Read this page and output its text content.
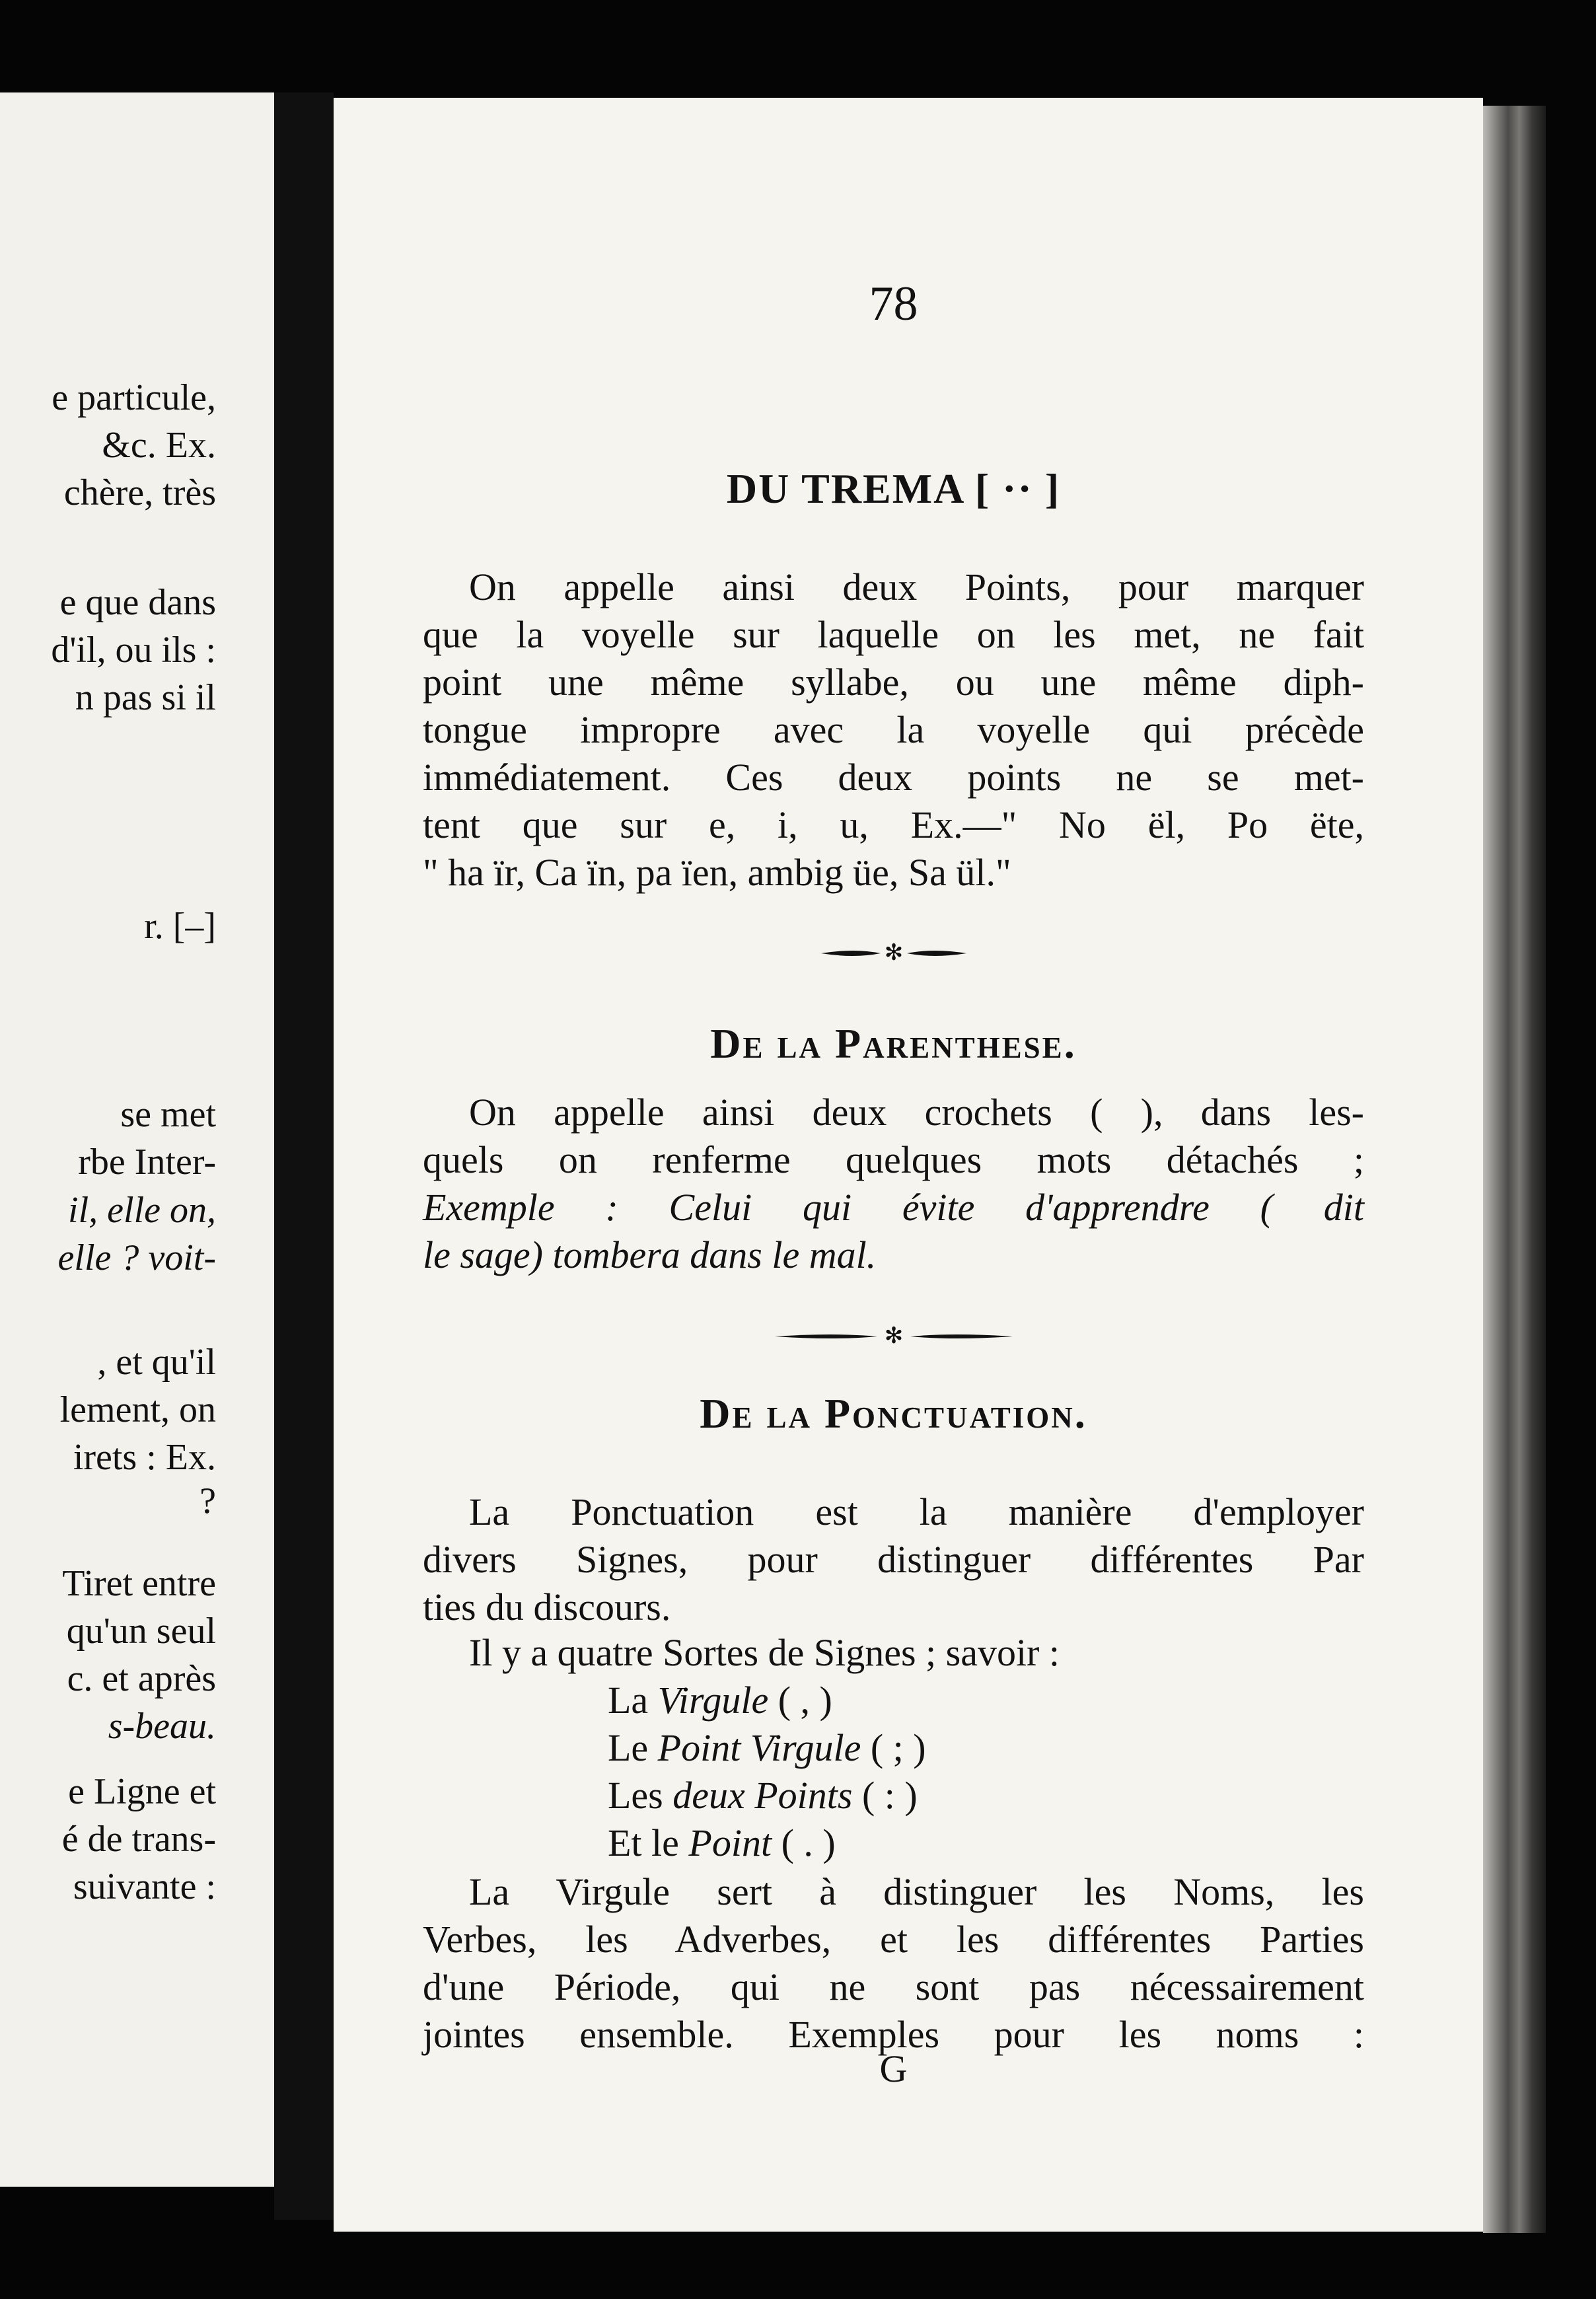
e particule,
&c. Ex.
chère, très
e que dans
d'il, ou ils :
n pas si il
r. [–]
se met
rbe Inter-
il, elle on,
elle ? voit-
, et qu'il
lement, on
irets : Ex.
?
Tiret entre
qu'un seul
c. et après
s-beau.
e Ligne et
é de trans-
suivante :
78
DU TREMA [ ·· ]
On appelle ainsi deux Points, pour marquer
que la voyelle sur laquelle on les met, ne fait
point une même syllabe, ou une même diph-
tongue impropre avec la voyelle qui précède
immédiatement. Ces deux points ne se met-
tent que sur e, i, u, Ex.—" No ël, Po ëte,
" ha ïr, Ca ïn, pa ïen, ambig üe, Sa ül."
✻
De la Parenthese.
On appelle ainsi deux crochets ( ), dans les-
quels on renferme quelques mots détachés ;
Exemple : Celui qui évite d'apprendre ( dit
le sage) tombera dans le mal.
✻
De la Ponctuation.
La Ponctuation est la manière d'employer
divers Signes, pour distinguer différentes Par
ties du discours.
Il y a quatre Sortes de Signes ; savoir :
La Virgule ( , )
Le Point Virgule ( ; )
Les deux Points ( : )
Et le Point ( . )
La Virgule sert à distinguer les Noms, les
Verbes, les Adverbes, et les différentes Parties
d'une Période, qui ne sont pas nécessairement
jointes ensemble. Exemples pour les noms :
G
